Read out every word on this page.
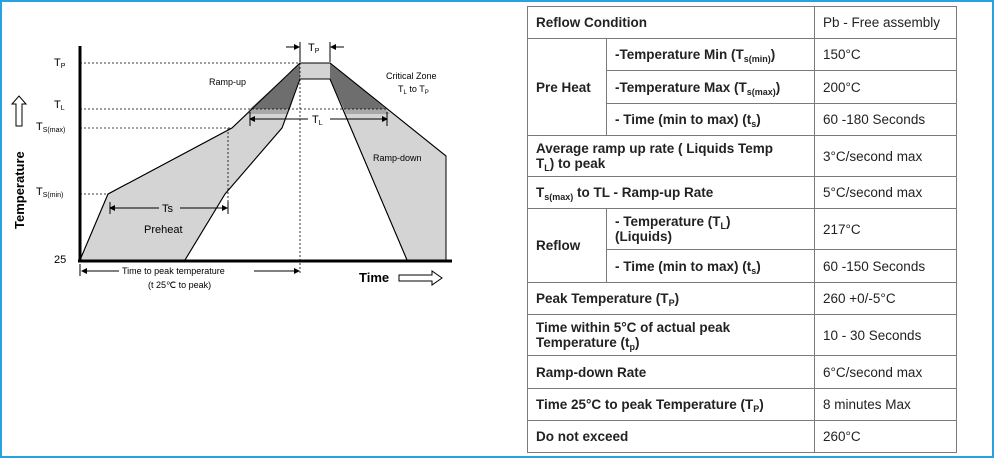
TP
TL
Ts
Time to peak temperature
(t 25℃ to peak)
TP
TL
TS(max)
TS(min)
25
Temperature
Time
Ramp-up
Ramp-down
Critical Zone
$T_L$ to $T_P$
Preheat
Reflow Condition		Pb - Free assembly
Pre Heat	-Temperature Min $(T_{s(min)})$	150°C
	-Temperature Max $(T_{s(max)})$	200°C
	- Time (min to max) $(t_s)$	60 -180 Seconds
Average ramp up rate ( Liquids Temp
$T_L$) to peak		3°C/second max
$T_{s(max)}$ to TL - Ramp-up Rate		5°C/second max
Reflow	- Temperature $(T_L)$
(Liquids)	217°C
	- Time (min to max) $(t_s)$	60 -150 Seconds
Peak Temperature $(T_P)$		260 +0/-5°C
Time within 5°C of actual peak
Temperature $(t_p)$		10 - 30 Seconds
Ramp-down Rate		6°C/second max
Time 25°C to peak Temperature $(T_P)$		8 minutes Max
Do not exceed		260°C
